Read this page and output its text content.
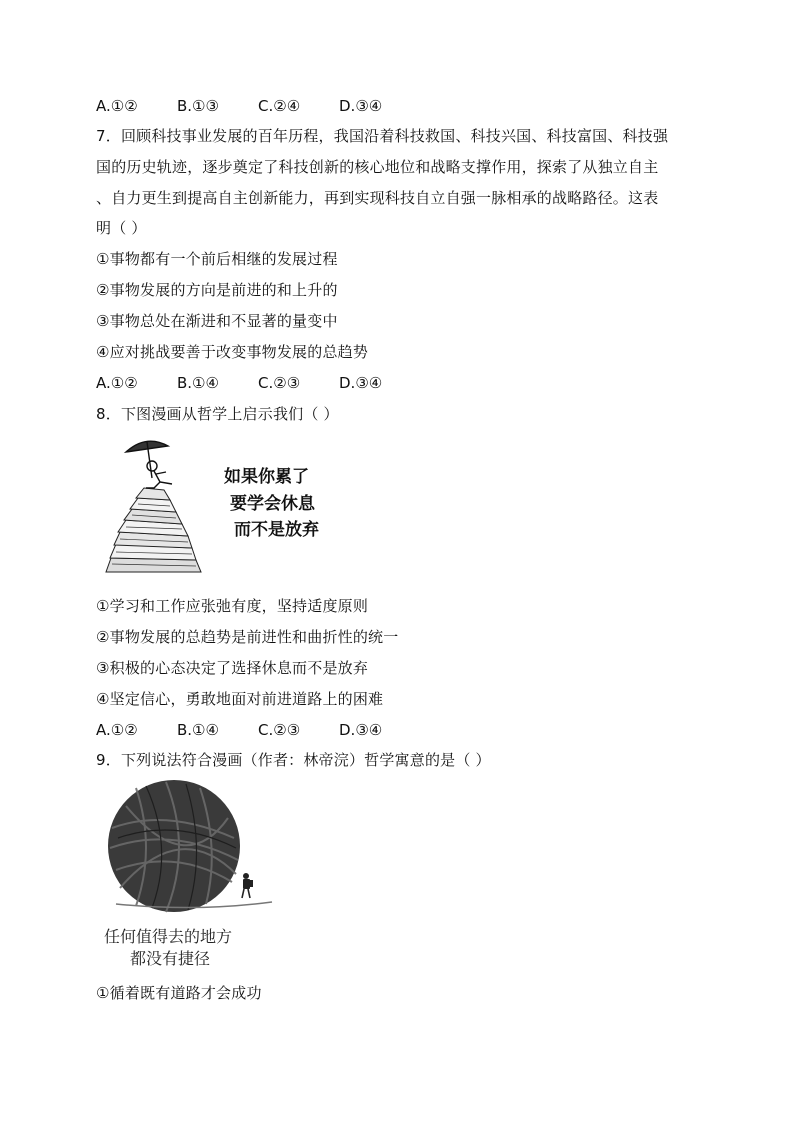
A.①②	B.①③	C.②④	D.③④
7．回顾科技事业发展的百年历程，我国沿着科技救国、科技兴国、科技富国、科技强
国的历史轨迹，逐步奠定了科技创新的核心地位和战略支撑作用，探索了从独立自主
、自力更生到提高自主创新能力，再到实现科技自立自强一脉相承的战略路径。这表
明（ ）
①事物都有一个前后相继的发展过程
②事物发展的方向是前进的和上升的
③事物总处在渐进和不显著的量变中
④应对挑战要善于改变事物发展的总趋势
A.①②	B.①④	C.②③	D.③④
8．下图漫画从哲学上启示我们（ ）
如果你累了
要学会休息
而不是放弃
①学习和工作应张弛有度，坚持适度原则
②事物发展的总趋势是前进性和曲折性的统一
③积极的心态决定了选择休息而不是放弃
④坚定信心，勇敢地面对前进道路上的困难
A.①②	B.①④	C.②③	D.③④
9．下列说法符合漫画（作者：林帝浣）哲学寓意的是（ ）
任何值得去的地方
都没有捷径
①循着既有道路才会成功
